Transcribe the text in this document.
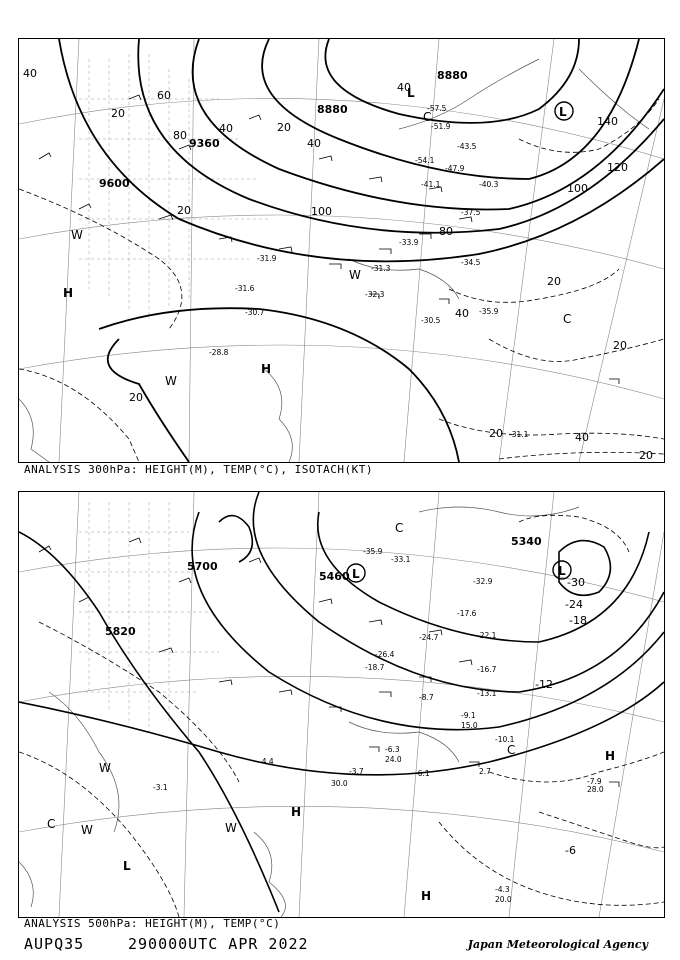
9600
9360
8880
8880
40
20
80
20
40
20
40
60
40
100
120
140
100
80
40
20
20
20
40
20
20
-30.5
-31.3
-31.6
-31.9
-32.3
-33.9
-34.5
-35.9
-37.5
-28.8
-31.1
-30.7
-41.1
-43.5
-51.9
-54.1
-57.5
-47.9
-40.3
L
L
H
H
C
C
W
W
W
ANALYSIS 300hPa: HEIGHT(M), TEMP(°C), ISOTACH(KT)
5700
5820
5460
5340
-30
-24
-18
-12
-6
-33.1
-35.9
-26.4
-24.7
-18.7	-16.7
-13.1
-10.1
-9.1
-8.7
-7.9
-6.3
-6.1
-4.4
-4.3
-3.7
-3.1
-22.1
-32.9
-17.6
2.7
20.0
28.0
15.0
24.0
30.0
L	L
L
H
H
H
C
C
C
W
W	W
ANALYSIS 500hPa: HEIGHT(M), TEMP(°C)
AUPQ35	290000UTC APR 2022	Japan Meteorological Agency
